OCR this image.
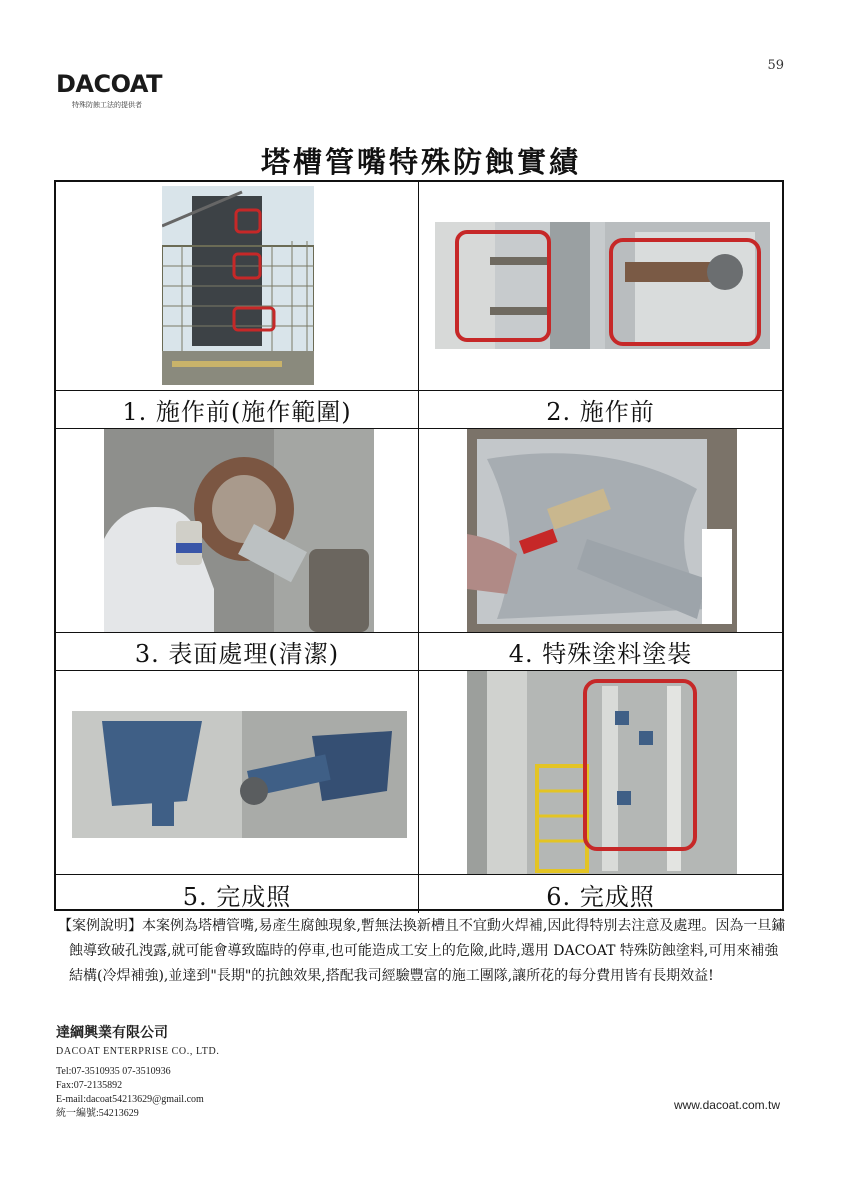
59
DACOAT
特殊防蝕工法的提供者
塔槽管嘴特殊防蝕實績
1. 施作前(施作範圍)	2. 施作前
3. 表面處理(清潔)	4. 特殊塗料塗裝
5. 完成照	6. 完成照

【案例說明】本案例為塔槽管嘴,易產生腐蝕現象,暫無法換新槽且不宜動火焊補,因此得特別去注意及處理。因為一旦鏽蝕導致破孔洩露,就可能會導致臨時的停車,也可能造成工安上的危險,此時,選用 DACOAT 特殊防蝕塗料,可用來補強結構(冷焊補強),並達到"長期"的抗蝕效果,搭配我司經驗豐富的施工團隊,讓所花的每分費用皆有長期效益!

達綱興業有限公司
DACOAT ENTERPRISE CO., LTD.
Tel:07-3510935 07-3510936
Fax:07-2135892
E-mail:dacoat54213629@gmail.com
統一編號:54213629
www.dacoat.com.tw
